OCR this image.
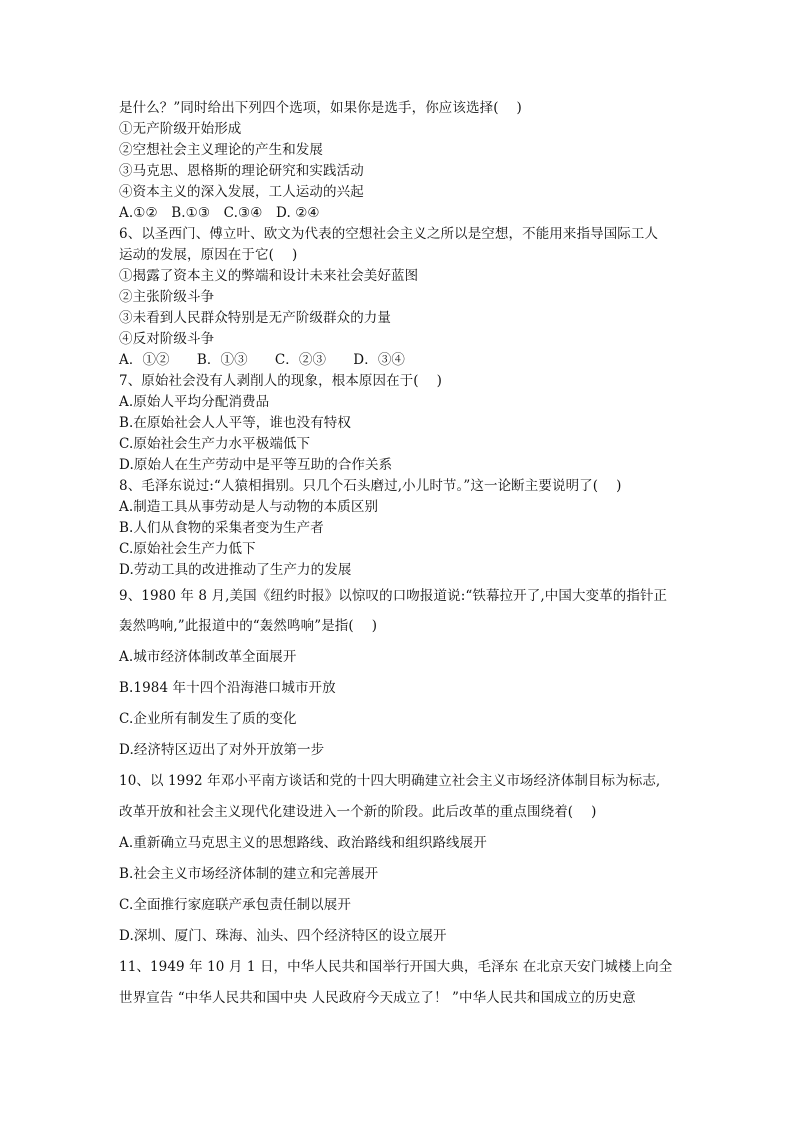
是什么？”同时给出下列四个选项，如果你是选手，你应该选择(　 )

①无产阶级开始形成

②空想社会主义理论的产生和发展

③马克思、恩格斯的理论研究和实践活动

④资本主义的深入发展，工人运动的兴起

A.①②　B.①③　C.③④　D. ②④

6、以圣西门、傅立叶、欧文为代表的空想社会主义之所以是空想，不能用来指导国际工人

运动的发展，原因在于它(　 )

①揭露了资本主义的弊端和设计未来社会美好蓝图

②主张阶级斗争

③未看到人民群众特别是无产阶级群众的力量

④反对阶级斗争

A．①②　　B．①③　　C．②③　　D．③④

7、原始社会没有人剥削人的现象，根本原因在于(　 )

A.原始人平均分配消费品

B.在原始社会人人平等，谁也没有特权

C.原始社会生产力水平极端低下

D.原始人在生产劳动中是平等互助的合作关系

8、毛泽东说过:“人猿相揖别。只几个石头磨过,小儿时节。”这一论断主要说明了(　 )

A.制造工具从事劳动是人与动物的本质区别

B.人们从食物的采集者变为生产者

C.原始社会生产力低下

D.劳动工具的改进推动了生产力的发展

9、1980 年 8 月,美国《纽约时报》以惊叹的口吻报道说:“铁幕拉开了,中国大变革的指针正

轰然鸣响,”此报道中的“轰然鸣响”是指(　 )

A.城市经济体制改革全面展开

B.1984 年十四个沿海港口城市开放

C.企业所有制发生了质的变化

D.经济特区迈出了对外开放第一步

10、以 1992 年邓小平南方谈话和党的十四大明确建立社会主义市场经济体制目标为标志,

改革开放和社会主义现代化建设进入一个新的阶段。此后改革的重点围绕着(　 )

A.重新确立马克思主义的思想路线、政治路线和组织路线展开

B.社会主义市场经济体制的建立和完善展开

C.全面推行家庭联产承包责任制以展开

D.深圳、厦门、珠海、汕头、四个经济特区的设立展开

11、1949 年 10 月 1 日，中华人民共和国举行开国大典，毛泽东 在北京天安门城楼上向全

世界宣告 “中华人民共和国中央 人民政府今天成立了！ ”中华人民共和国成立的历史意
